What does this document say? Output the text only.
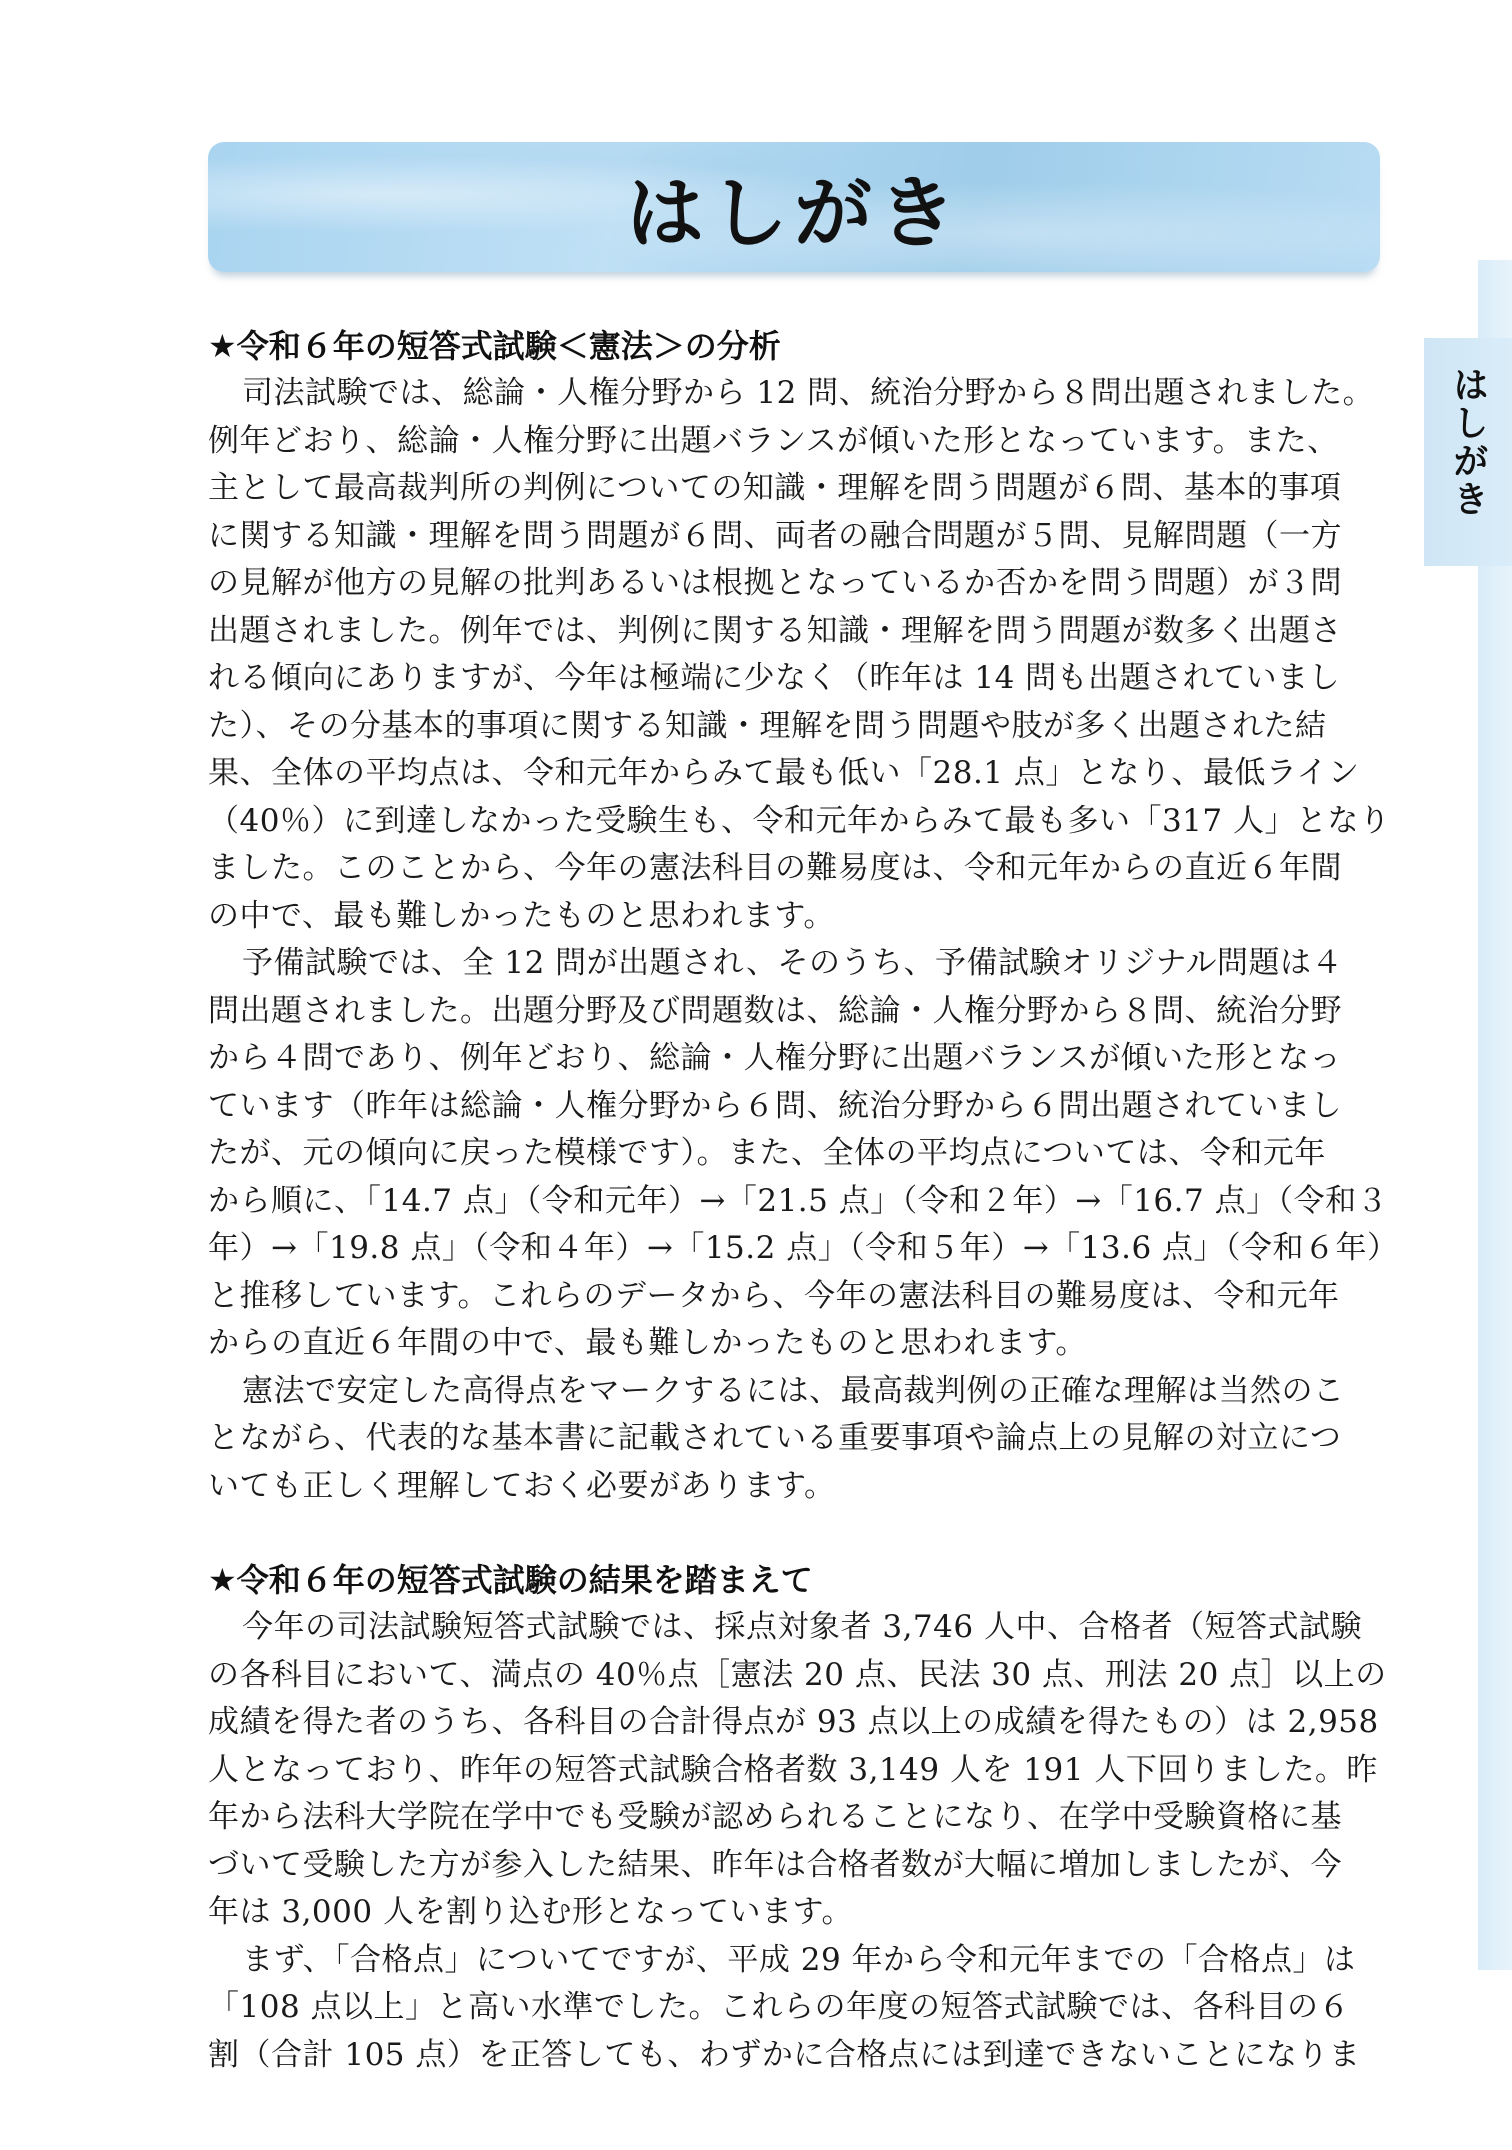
はしがき
はしがき
★令和６年の短答式試験＜憲法＞の分析
司法試験では、総論・人権分野から 12 問、統治分野から８問出題されました。
例年どおり、総論・人権分野に出題バランスが傾いた形となっています。また、
主として最高裁判所の判例についての知識・理解を問う問題が６問、基本的事項
に関する知識・理解を問う問題が６問、両者の融合問題が５問、見解問題（一方
の見解が他方の見解の批判あるいは根拠となっているか否かを問う問題）が３問
出題されました。例年では、判例に関する知識・理解を問う問題が数多く出題さ
れる傾向にありますが、今年は極端に少なく（昨年は 14 問も出題されていまし
た）、その分基本的事項に関する知識・理解を問う問題や肢が多く出題された結
果、全体の平均点は、令和元年からみて最も低い「28.1 点」となり、最低ライン
（40％）に到達しなかった受験生も、令和元年からみて最も多い「317 人」となり
ました。このことから、今年の憲法科目の難易度は、令和元年からの直近６年間
の中で、最も難しかったものと思われます。
予備試験では、全 12 問が出題され、そのうち、予備試験オリジナル問題は４
問出題されました。出題分野及び問題数は、総論・人権分野から８問、統治分野
から４問であり、例年どおり、総論・人権分野に出題バランスが傾いた形となっ
ています（昨年は総論・人権分野から６問、統治分野から６問出題されていまし
たが、元の傾向に戻った模様です）。また、全体の平均点については、令和元年
から順に、「14.7 点」（令和元年）→「21.5 点」（令和２年）→「16.7 点」（令和３
年）→「19.8 点」（令和４年）→「15.2 点」（令和５年）→「13.6 点」（令和６年）
と推移しています。これらのデータから、今年の憲法科目の難易度は、令和元年
からの直近６年間の中で、最も難しかったものと思われます。
憲法で安定した高得点をマークするには、最高裁判例の正確な理解は当然のこ
とながら、代表的な基本書に記載されている重要事項や論点上の見解の対立につ
いても正しく理解しておく必要があります。
★令和６年の短答式試験の結果を踏まえて
今年の司法試験短答式試験では、採点対象者 3,746 人中、合格者（短答式試験
の各科目において、満点の 40％点［憲法 20 点、民法 30 点、刑法 20 点］以上の
成績を得た者のうち、各科目の合計得点が 93 点以上の成績を得たもの）は 2,958
人となっており、昨年の短答式試験合格者数 3,149 人を 191 人下回りました。昨
年から法科大学院在学中でも受験が認められることになり、在学中受験資格に基
づいて受験した方が参入した結果、昨年は合格者数が大幅に増加しましたが、今
年は 3,000 人を割り込む形となっています。
まず、「合格点」についてですが、平成 29 年から令和元年までの「合格点」は
「108 点以上」と高い水準でした。これらの年度の短答式試験では、各科目の６
割（合計 105 点）を正答しても、わずかに合格点には到達できないことになりま
